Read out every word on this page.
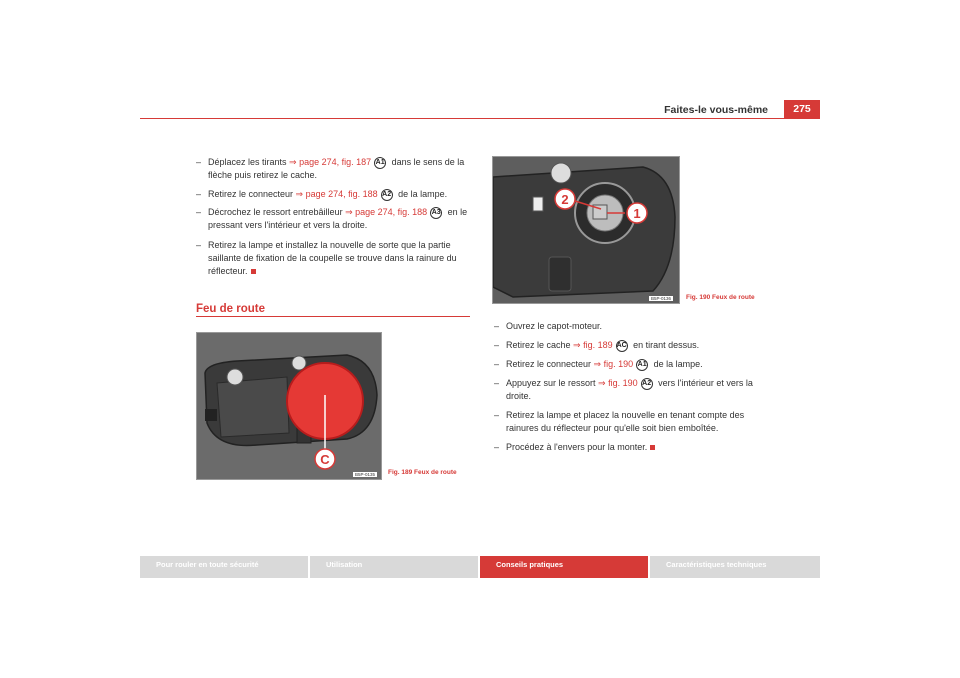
Faites-le vous-même	275
– Déplacez les tirants ⇒ page 274, fig. 187 A1 dans le sens de la flèche puis retirez le cache.
– Retirez le connecteur ⇒ page 274, fig. 188 A2 de la lampe.
– Décrochez le ressort entrebâilleur ⇒ page 274, fig. 188 A3 en le pressant vers l'intérieur et vers la droite.
– Retirez la lampe et installez la nouvelle de sorte que la partie saillante de fixation de la coupelle se trouve dans la rainure du réflecteur.
Feu de route
C
B5P-0135	Fig. 189 Feux de route
2
1
B5P-0136	Fig. 190 Feux de route
– Ouvrez le capot-moteur.
– Retirez le cache ⇒ fig. 189 AC en tirant dessus.
– Retirez le connecteur ⇒ fig. 190 A1 de la lampe.
– Appuyez sur le ressort ⇒ fig. 190 A2 vers l'intérieur et vers la droite.
– Retirez la lampe et placez la nouvelle en tenant compte des rainures du réflecteur pour qu'elle soit bien emboîtée.
– Procédez à l'envers pour la monter.
Pour rouler en toute sécurité	Utilisation	Conseils pratiques	Caractéristiques techniques
